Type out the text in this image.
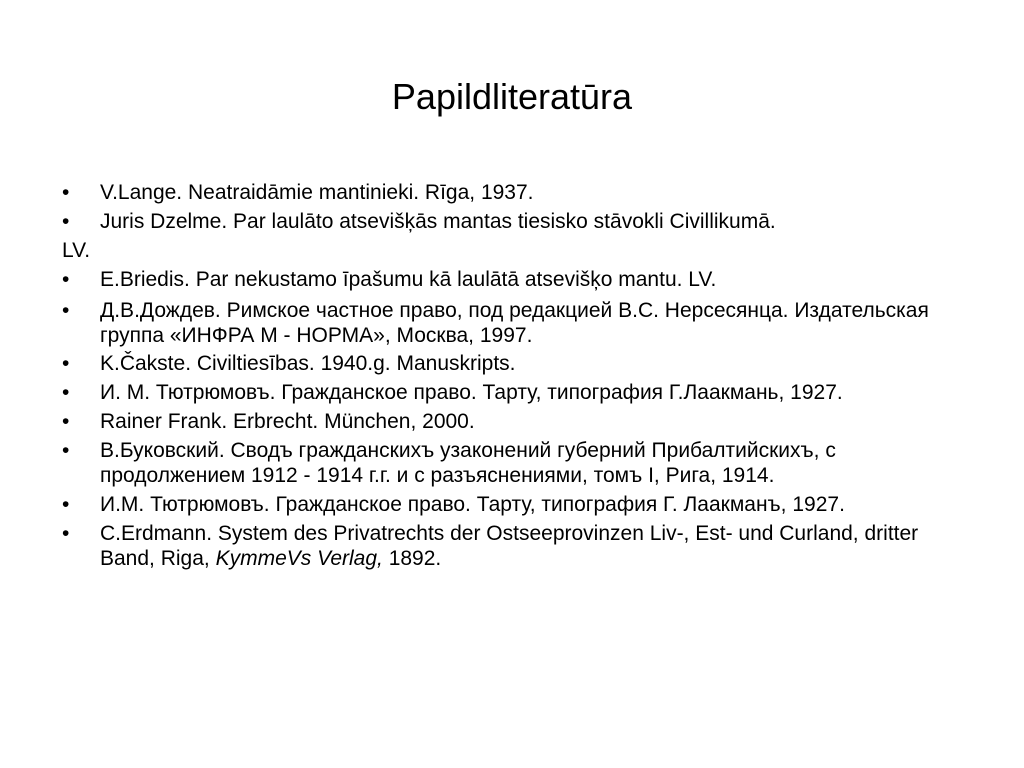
Papildliteratūra
• V.Lange. Neatraidāmie mantinieki. Rīga, 1937.
• Juris Dzelme. Par laulāto atsevišķās mantas tiesisko stāvokli Civillikumā.
LV.
• E.Briedis. Par nekustamo īpašumu kā laulātā atsevišķo mantu. LV.
• Д.В.Дождев. Римское частное право, под редакцией В.С. Нерсесянца. Издательская группа «ИНФРА М - НОРМА», Москва, 1997.
• K.Čakste. Civiltiesības. 1940.g. Manuskripts.
• И. М. Тютрюмовъ. Гражданское право. Тарту, типография Г.Лаакмань, 1927.
• Rainer Frank. Erbrecht. München, 2000.
• В.Буковский. Сводъ гражданскихъ узаконений губерний Прибалтийскихъ, с продолжением 1912 - 1914 г.г. и с разъяснениями, томъ I, Рига, 1914.
• И.М. Тютрюмовъ. Гражданское право. Тарту, типография Г. Лаакманъ, 1927.
• C.Erdmann. System des Privatrechts der Ostseeprovinzen Liv-, Est- und Curland, dritter Band, Riga, KymmeVs Verlag, 1892.
